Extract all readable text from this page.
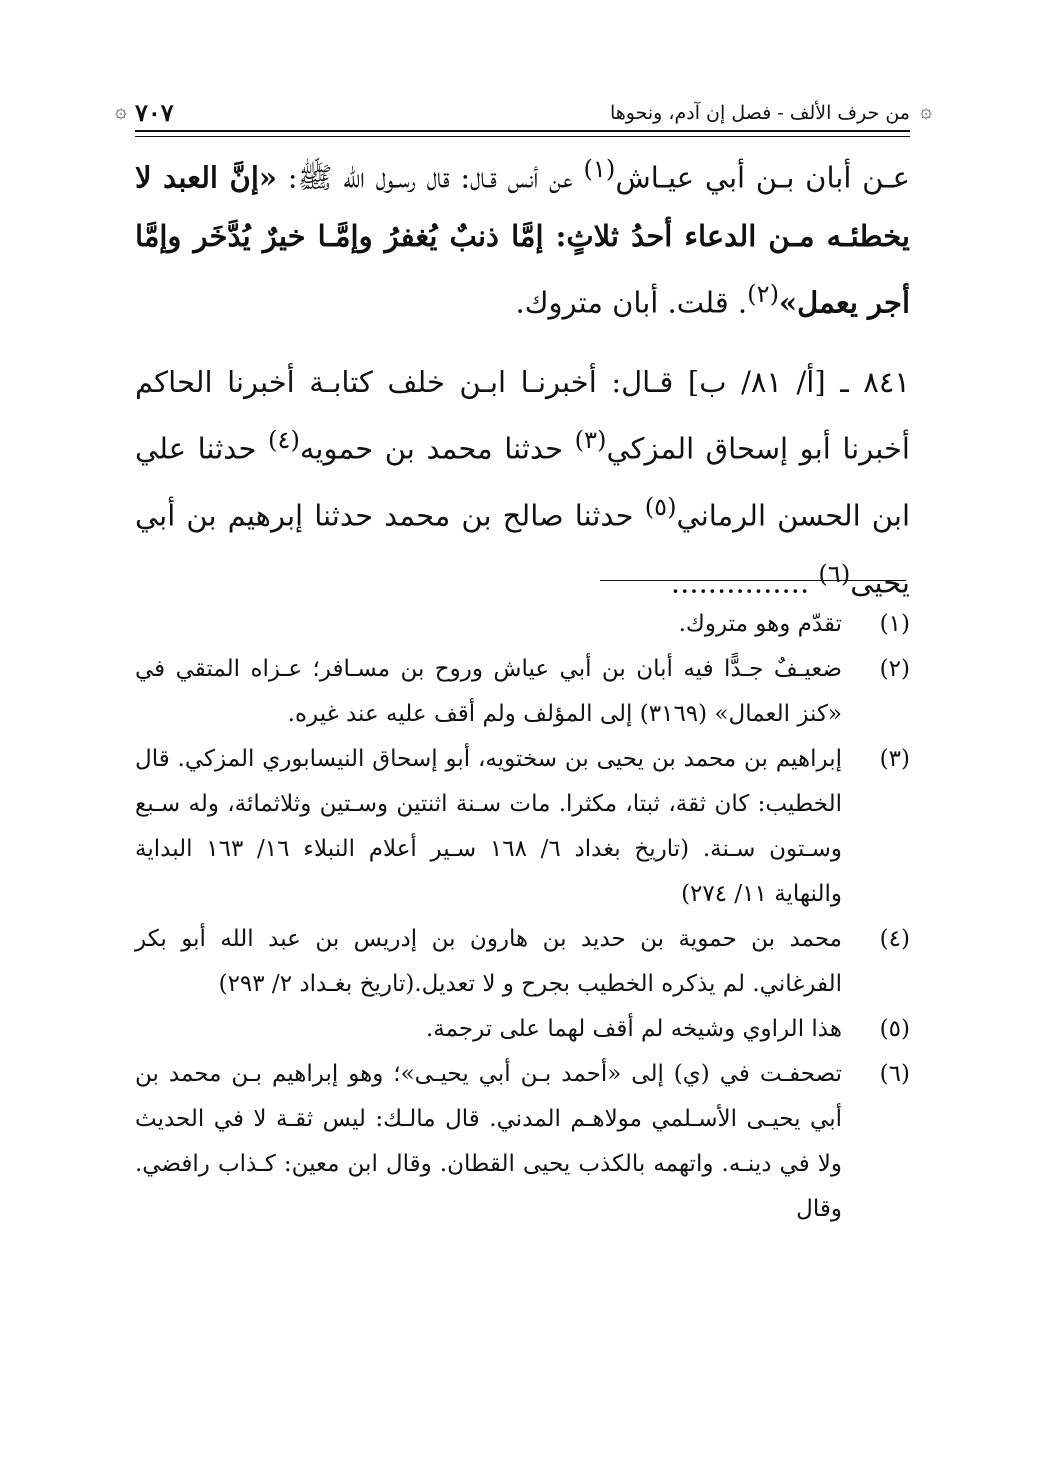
۞ ٧٠٧	من حرف الألف - فصل إن آدم، ونحوها ۞

عـن أبان بـن أبي عيـاش$^{(١)}$ عن أنس قـال: قال رسـول الله ﷺ: «إنَّ العبد لا يخطئـه مـن الدعاء أحدُ ثلاثٍ: إمَّا ذنبٌ يُغفرُ وإمَّـا خيرٌ يُدَّخَر وإمَّا أجر يعمل»$^{(٢)}$. قلت. أبان متروك.

٨٤١ ـ [أ/ ٨١/ ب] قـال: أخبرنـا ابـن خلف كتابـة أخبرنا الحاكم أخبرنا أبو إسحاق المزكي$^{(٣)}$ حدثنا محمد بن حمويه$^{(٤)}$ حدثنا علي ابن الحسن الرماني$^{(٥)}$ حدثنا صالح بن محمد حدثنا إبرهيم بن أبي يحيى$^{(٦)}$ ...............

(١)
تقدّم وهو متروك.
(٢)
ضعيـفٌ جـدًّا فيه أبان بن أبي عياش وروح بن مسـافر؛ عـزاه المتقي في «كنز العمال» (٣١٦٩) إلى المؤلف ولم أقف عليه عند غيره.
(٣)
إبراهيم بن محمد بن يحيى بن سختويه، أبو إسحاق النيسابوري المزكي. قال الخطيب: كان ثقة، ثبتا، مكثرا. مات سـنة اثنتين وسـتين وثلاثمائة، وله سـبع وسـتون سـنة. (تاريخ بغداد ٦/ ١٦٨ سـير أعلام النبلاء ١٦/ ١٦٣ البداية والنهاية ١١/ ٢٧٤)
(٤)
محمد بن حموية بن حديد بن هارون بن إدريس بن عبد الله أبو بكر الفرغاني. لم يذكره الخطيب بجرح و لا تعديل.(تاريخ بغـداد ٢/ ٢٩٣)
(٥)
هذا الراوي وشيخه لم أقف لهما على ترجمة.
(٦)
تصحفـت في (ي) إلى «أحمد بـن أبي يحيـى»؛ وهو إبراهيم بـن محمد بن أبي يحيـى الأسـلمي مولاهـم المدني. قال مالـك: ليس ثقـة لا في الحديث ولا في دينـه. واتهمه بالكذب يحيى القطان. وقال ابن معين: كـذاب رافضي. وقال
